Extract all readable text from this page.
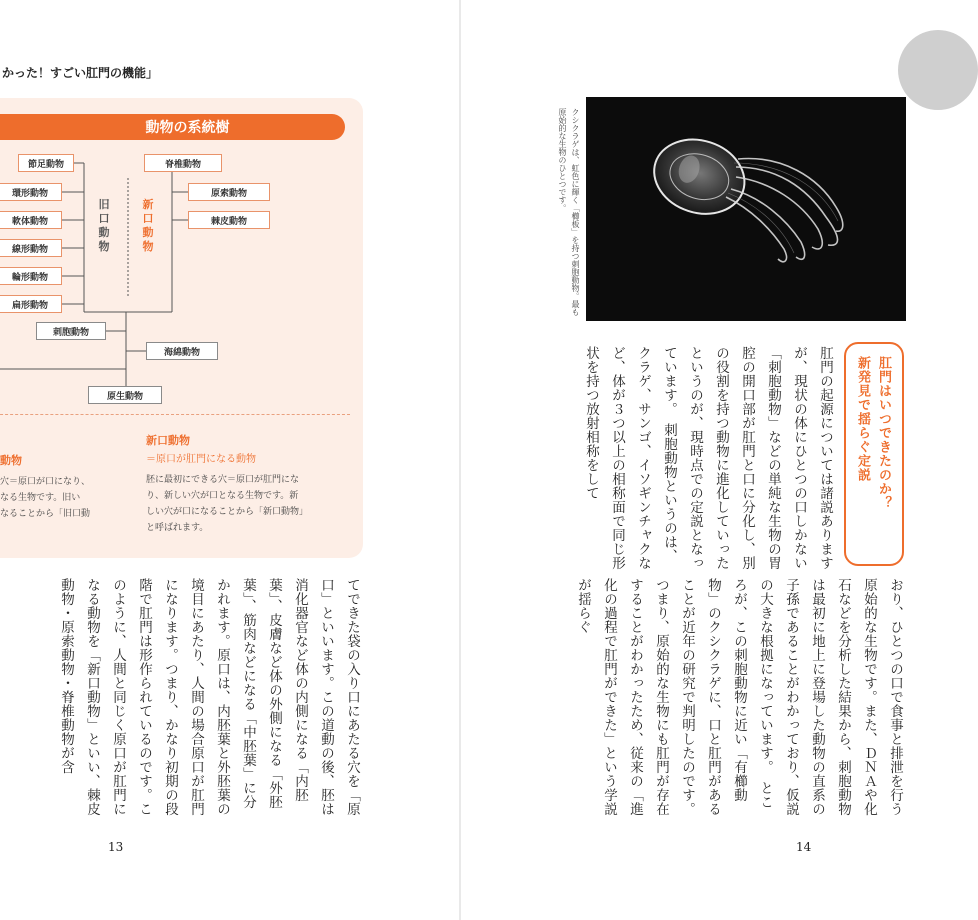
かった！すごい肛門の機能」
動物の系統樹
節足動物
環形動物
軟体動物
線形動物
輪形動物
扁形動物
脊椎動物
原索動物
棘皮動物
刺胞動物
海綿動物
原生動物
旧口動物
新口動物
動物
穴＝原口が口になり、
なる生物です。旧い
なることから「旧口動
新口動物
＝原口が肛門になる動物
胚に最初にできる穴＝原口が肛門にな
り、新しい穴が口となる生物です。新
しい穴が口になることから「新口動物」
と呼ばれます。
てできた袋の入り口にあたる穴を「原口」といいます。この道動の後、胚は消化器官など体の内側になる「内胚葉」、皮膚など体の外側になる「外胚葉」、筋肉などになる「中胚葉」に分かれます。原口は、内胚葉と外胚葉の境目にあたり、人間の場合原口が肛門になります。つまり、かなり初期の段階で肛門は形作られているのです。このように、人間と同じく原口が肛門になる動物を「新口動物」といい、棘皮動物・原索動物・脊椎動物が含
13
クシクラゲは、虹色に輝く「櫛板」を持つ刺胞動物。最も原始的な生物のひとつです。
肛門はいつできたのか？
新発見で揺らぐ定説
肛門の起源については諸説ありますが、現状の体にひとつの口しかない「刺胞動物」などの単純な生物の胃腔の開口部が肛門と口に分化し、別の役割を持つ動物に進化していったというのが、現時点での定説となっています。　刺胞動物というのは、クラゲ、サンゴ、イソギンチャクなど、体が３つ以上の相称面で同じ形状を持つ放射相称をして
おり、ひとつの口で食事と排泄を行う原始的な生物です。また、ＤＮＡや化石などを分析した結果から、刺胞動物は最初に地上に登場した動物の直系の子孫であることがわかっており、仮説の大きな根拠になっています。　ところが、この刺胞動物に近い「有櫛動物」のクシクラゲに、口と肛門があることが近年の研究で判明したのです。　つまり、原始的な生物にも肛門が存在することがわかったため、従来の「進化の過程で肛門ができた」という学説が揺らぐ
14
